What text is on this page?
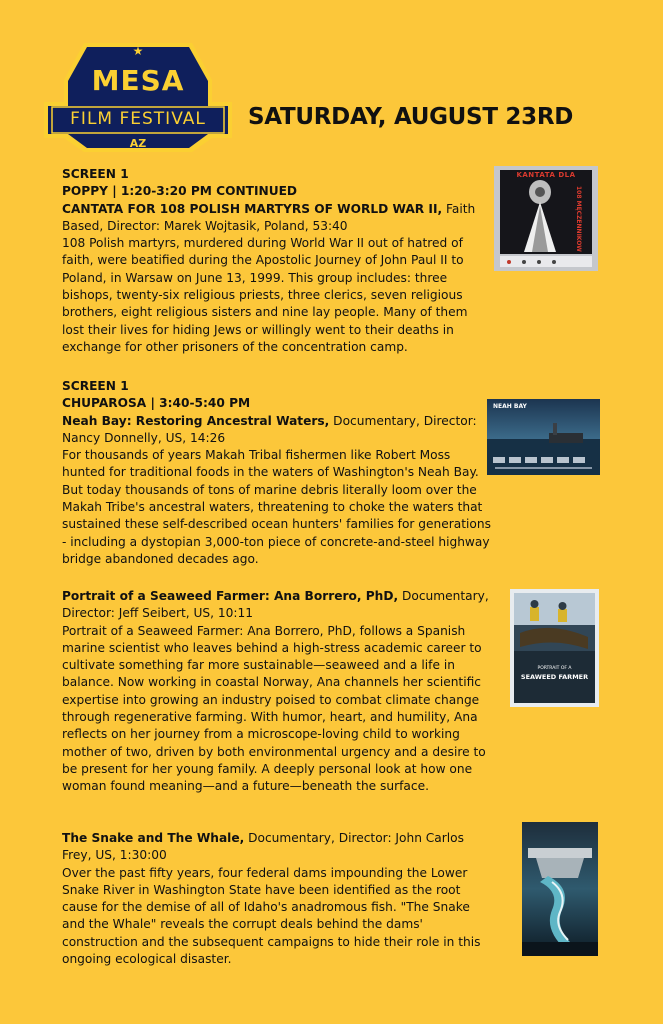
★
MESA
FILM FESTIVAL
AZ
SATURDAY, AUGUST 23RD

SCREEN 1

POPPY | 1:20-3:20 PM CONTINUED

CANTATA FOR 108 POLISH MARTYRS OF WORLD WAR II, Faith Based, Director: Marek Wojtasik, Poland, 53:40

108 Polish martyrs, murdered during World War II out of hatred of faith, were beatified during the Apostolic Journey of John Paul II to Poland, in Warsaw on June 13, 1999. This group includes: three bishops, twenty-six religious priests, three clerics, seven religious brothers, eight religious sisters and nine lay people. Many of them lost their lives for hiding Jews or willingly went to their deaths in exchange for other prisoners of the concentration camp.

KANTATA DLA
108 MĘCZENNIKÓW

SCREEN 1

CHUPAROSA | 3:40-5:40 PM

Neah Bay: Restoring Ancestral Waters, Documentary, Director: Nancy Donnelly, US, 14:26

For thousands of years Makah Tribal fishermen like Robert Moss hunted for traditional foods in the waters of Washington's Neah Bay. But today thousands of tons of marine debris literally loom over the Makah Tribe's ancestral waters, threatening to choke the waters that sustained these self-described ocean hunters' families for generations - including a dystopian 3,000-ton piece of concrete-and-steel highway bridge abandoned decades ago.

NEAH BAY

Portrait of a Seaweed Farmer: Ana Borrero, PhD, Documentary, Director: Jeff Seibert, US, 10:11

Portrait of a Seaweed Farmer: Ana Borrero, PhD, follows a Spanish marine scientist who leaves behind a high-stress academic career to cultivate something far more sustainable—seaweed and a life in balance. Now working in coastal Norway, Ana channels her scientific expertise into growing an industry poised to combat climate change through regenerative farming. With humor, heart, and humility, Ana reflects on her journey from a microscope-loving child to working mother of two, driven by both environmental urgency and a desire to be present for her young family. A deeply personal look at how one woman found meaning—and a future—beneath the surface.

PORTRAIT OF A
SEAWEED FARMER

The Snake and The Whale, Documentary, Director: John Carlos Frey, US, 1:30:00

Over the past fifty years, four federal dams impounding the Lower Snake River in Washington State have been identified as the root cause for the demise of all of Idaho's anadromous fish. "The Snake and the Whale" reveals the corrupt deals behind the dams' construction and the subsequent campaigns to hide their role in this ongoing ecological disaster.
